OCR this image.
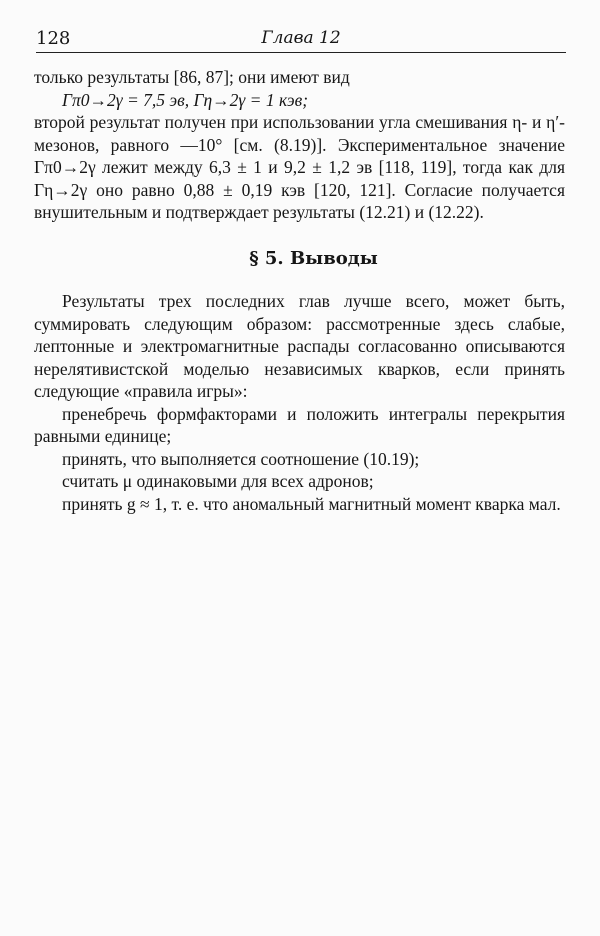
128	Глава 12

только результаты [86, 87]; они имеют вид

Γπ0→2γ = 7,5 эв, Γη→2γ = 1 кэв;

второй результат получен при использовании угла смешивания η- и η′-мезонов, равного —10° [см. (8.19)]. Экспериментальное значение Γπ0→2γ лежит между 6,3 ± 1 и 9,2 ± 1,2 эв [118, 119], тогда как для Γη→2γ оно равно 0,88 ± 0,19 кэв [120, 121]. Согласие получается внушительным и подтверждает результаты (12.21) и (12.22).

§ 5. Выводы

Результаты трех последних глав лучше всего, может быть, суммировать следующим образом: рассмотренные здесь слабые, лептонные и электромагнитные распады согласованно описываются нерелятивистской моделью независимых кварков, если принять следующие «правила игры»:

пренебречь формфакторами и положить интегралы перекрытия равными единице;

принять, что выполняется соотношение (10.19);

считать μ одинаковыми для всех адронов;

принять g ≈ 1, т. е. что аномальный магнитный момент кварка мал.
